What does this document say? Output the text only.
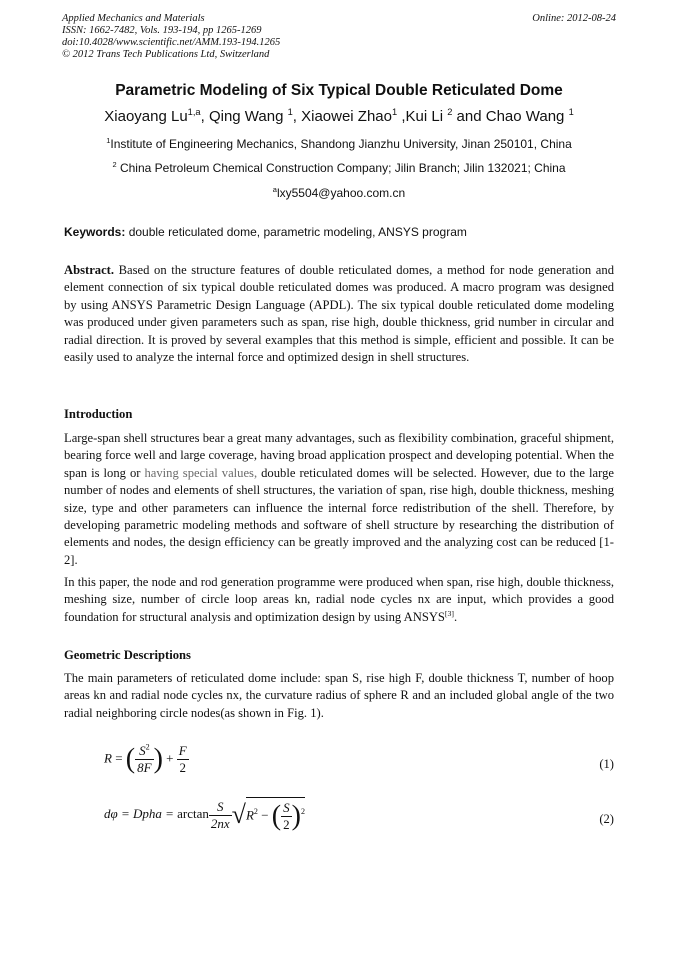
Applied Mechanics and Materials
ISSN: 1662-7482, Vols. 193-194, pp 1265-1269
doi:10.4028/www.scientific.net/AMM.193-194.1265
© 2012 Trans Tech Publications Ltd, Switzerland
Online: 2012-08-24
Parametric Modeling of Six Typical Double Reticulated Dome
Xiaoyang Lu$^{1,a}$, Qing Wang $^1$, Xiaowei Zhao$^1$ ,Kui Li $^2$ and Chao Wang $^1$
$^1$Institute of Engineering Mechanics, Shandong Jianzhu University, Jinan 250101, China
$^2$ China Petroleum Chemical Construction Company; Jilin Branch; Jilin 132021; China
$^a$lxy5504@yahoo.com.cn
Keywords: double reticulated dome, parametric modeling, ANSYS program
Abstract. Based on the structure features of double reticulated domes, a method for node generation and element connection of six typical double reticulated domes was produced. A macro program was designed by using ANSYS Parametric Design Language (APDL). The six typical double reticulated dome modeling was produced under given parameters such as span, rise high, double thickness, grid number in circular and radial direction. It is proved by several examples that this method is simple, efficient and possible. It can be easily used to analyze the internal force and optimized design in shell structures.
Introduction
Large-span shell structures bear a great many advantages, such as flexibility combination, graceful shipment, bearing force well and large coverage, having broad application prospect and developing potential. When the span is long or having special values, double reticulated domes will be selected. However, due to the large number of nodes and elements of shell structures, the variation of span, rise high, double thickness, meshing size, type and other parameters can influence the internal force redistribution of the shell. Therefore, by developing parametric modeling methods and software of shell structure by researching the distribution of elements and nodes, the design efficiency can be greatly improved and the analyzing cost can be reduced [1-2].
In this paper, the node and rod generation programme were produced when span, rise high, double thickness, meshing size, number of circle loop areas kn, radial node cycles nx are input, which provides a good foundation for structural analysis and optimization design by using ANSYS[3].
Geometric Descriptions
The main parameters of reticulated dome include: span S, rise high F, double thickness T, number of hoop areas kn and radial node cycles nx, the curvature radius of sphere R and an included global angle of the two radial neighboring circle nodes(as shown in Fig. 1).
R = ( $\frac{S^2}{8F}$ ) + $\frac{F}{2}$	(1)
dφ = Dpha = $\arctan \frac{S}{2nx} √R^2$ − ( $\frac{S}{2} )^2$
(2)
